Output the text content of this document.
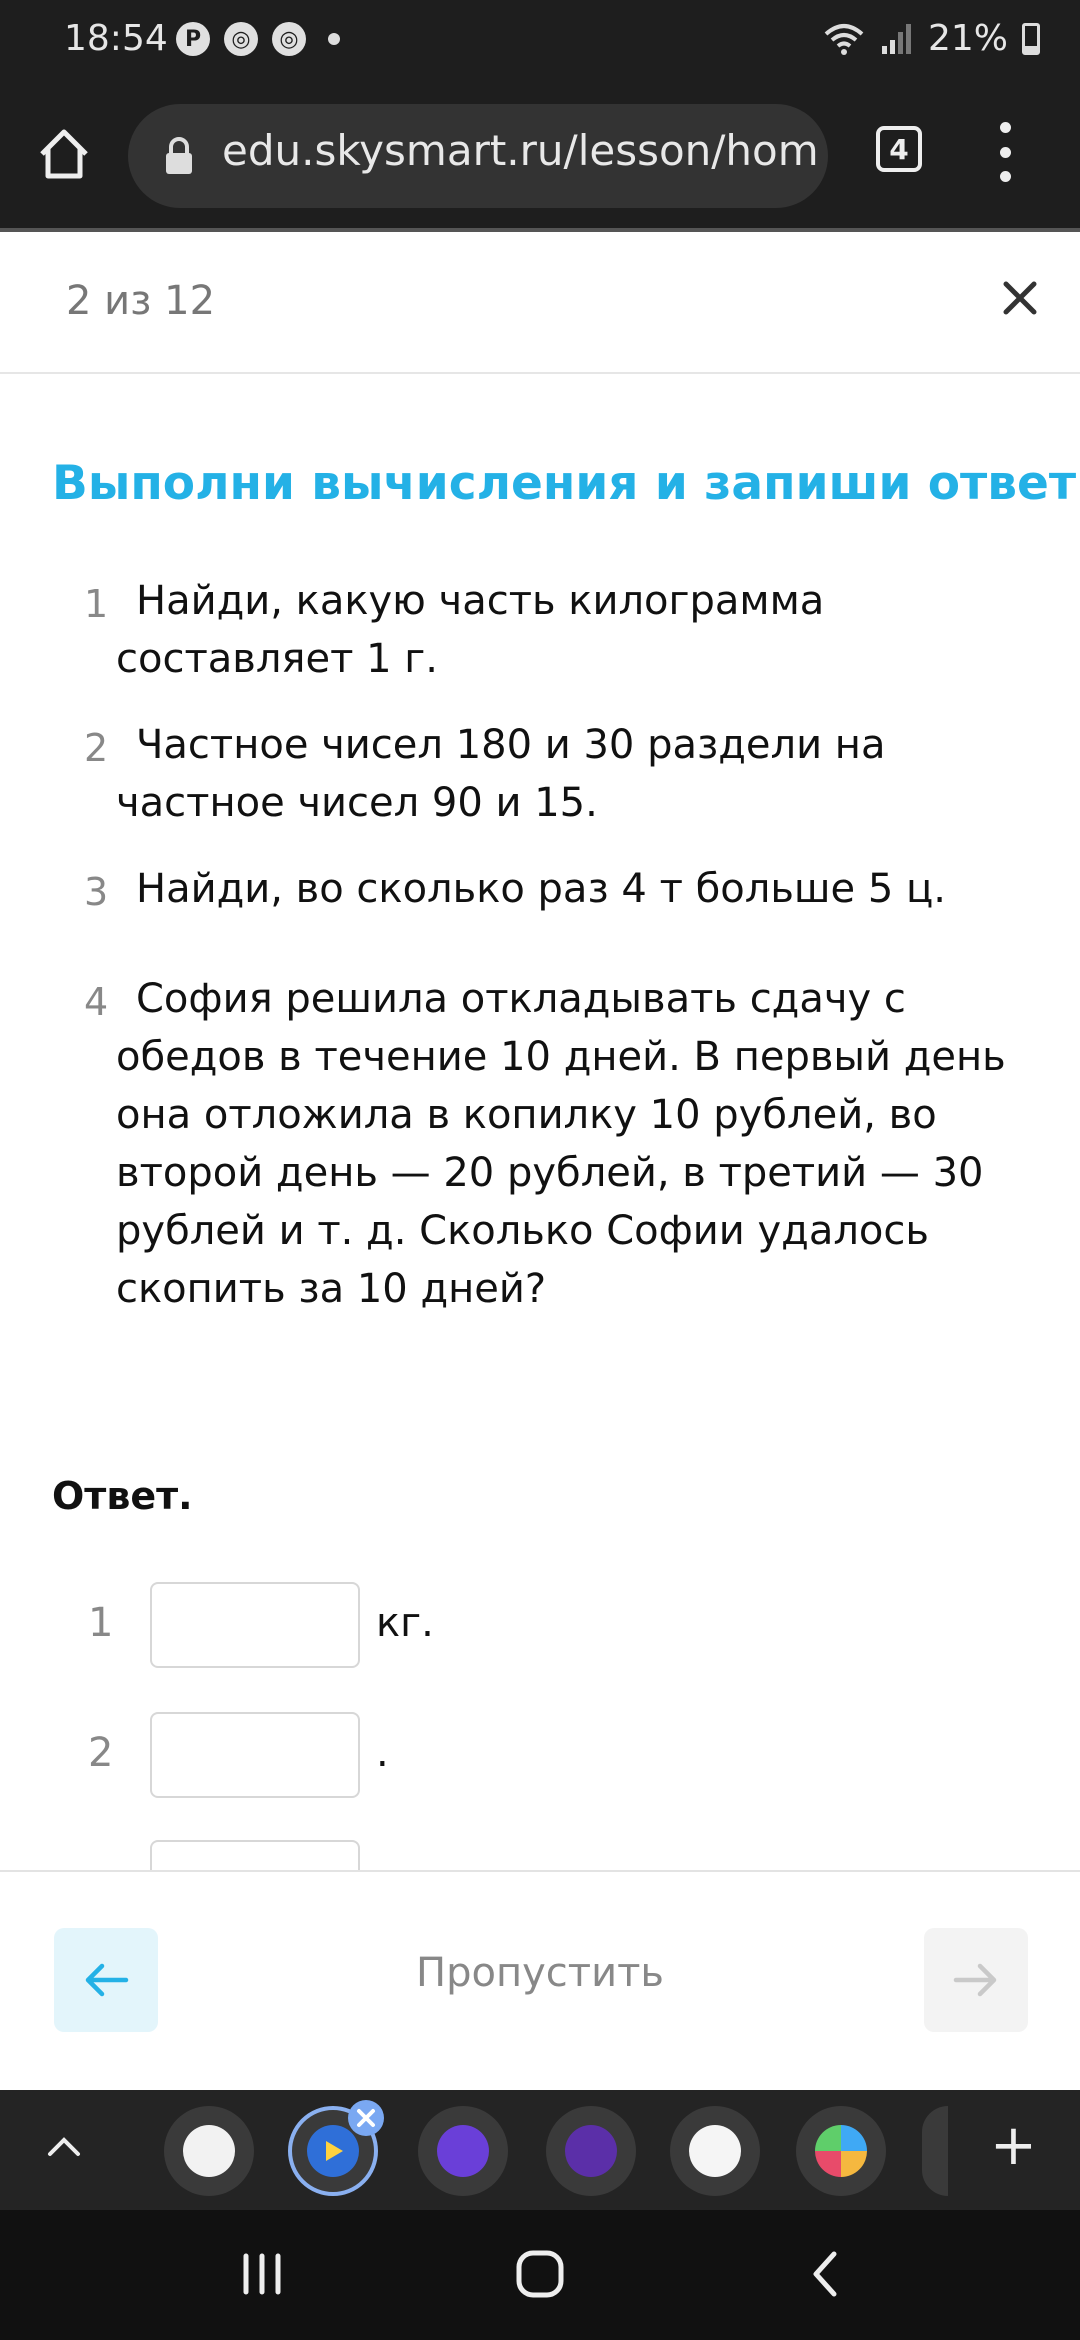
18:54 P	◎	◎	21%
edu.skysmart.ru/lesson/hom	4
2 из 12
Выполни вычисления и запиши ответ
1 Найди, какую часть килограмма составляет 1 г.
2 Частное чисел 180 и 30 раздели на частное чисел 90 и 15.
3 Найди, во сколько раз 4 т больше 5 ц.
4 София решила откладывать сдачу с обедов в течение 10 дней. В первый день она отложила в копилку 10 рублей, во второй день — 20 рублей, в третий — 30 рублей и т. д. Сколько Софии удалось скопить за 10 дней?
Ответ.
1	кг.
2	.
Пропустить
+
